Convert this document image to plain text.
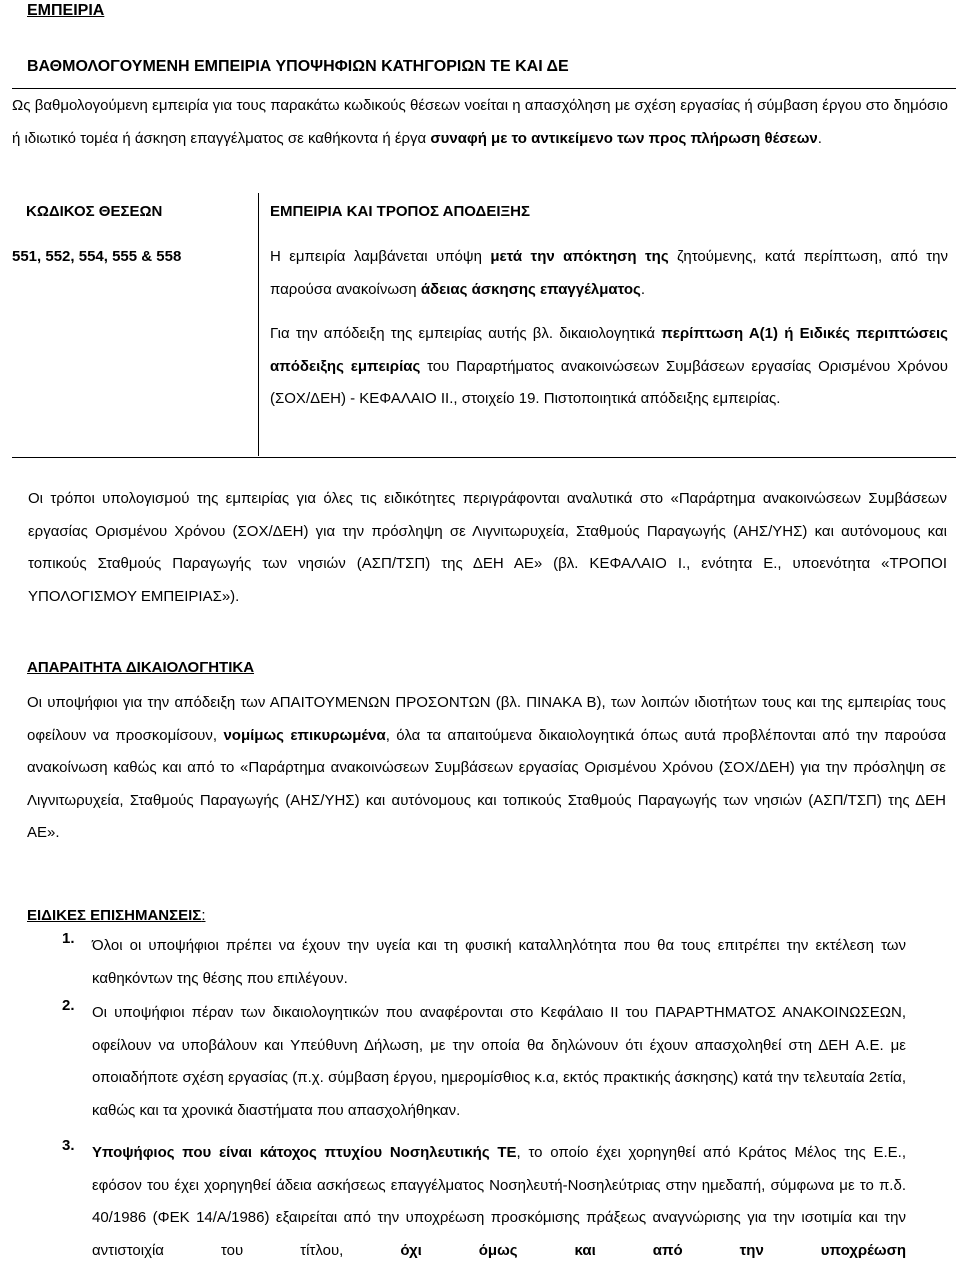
ΕΜΠΕΙΡΙΑ
ΒΑΘΜΟΛΟΓΟΥΜΕΝΗ ΕΜΠΕΙΡΙΑ ΥΠΟΨΗΦΙΩΝ ΚΑΤΗΓΟΡΙΩΝ ΤΕ ΚΑΙ ΔΕ
Ως βαθμολογούμενη εμπειρία για τους παρακάτω κωδικούς θέσεων νοείται η απασχόληση με σχέση εργασίας ή σύμβαση έργου στο δημόσιο ή ιδιωτικό τομέα ή άσκηση επαγγέλματος σε καθήκοντα ή έργα συναφή με το αντικείμενο των προς πλήρωση θέσεων.
ΚΩΔΙΚΟΣ ΘΕΣΕΩΝ	ΕΜΠΕΙΡΙΑ ΚΑΙ ΤΡΟΠΟΣ ΑΠΟΔΕΙΞΗΣ
551, 552, 554, 555 & 558	Η εμπειρία λαμβάνεται υπόψη μετά την απόκτηση της ζητούμενης, κατά περίπτωση, από την παρούσα ανακοίνωση άδειας άσκησης επαγγέλματος.
Για την απόδειξη της εμπειρίας αυτής βλ. δικαιολογητικά περίπτωση Α(1) ή Ειδικές περιπτώσεις απόδειξης εμπειρίας του Παραρτήματος ανακοινώσεων Συμβάσεων εργασίας Ορισμένου Χρόνου (ΣΟΧ/ΔΕΗ) - ΚΕΦΑΛΑΙΟ ΙΙ., στοιχείο 19. Πιστοποιητικά απόδειξης εμπειρίας.
Οι τρόποι υπολογισμού της εμπειρίας για όλες τις ειδικότητες περιγράφονται αναλυτικά στο «Παράρτημα ανακοινώσεων Συμβάσεων εργασίας Ορισμένου Χρόνου (ΣΟΧ/ΔΕΗ) για την πρόσληψη σε Λιγνιτωρυχεία, Σταθμούς Παραγωγής (ΑΗΣ/ΥΗΣ) και αυτόνομους και τοπικούς Σταθμούς Παραγωγής των νησιών (ΑΣΠ/ΤΣΠ) της ΔΕΗ ΑΕ» (βλ. ΚΕΦΑΛΑΙΟ Ι., ενότητα Ε., υποενότητα «ΤΡΟΠΟΙ ΥΠΟΛΟΓΙΣΜΟΥ ΕΜΠΕΙΡΙΑΣ»).
ΑΠΑΡΑΙΤΗΤΑ ΔΙΚΑΙΟΛΟΓΗΤΙΚΑ
Οι υποψήφιοι για την απόδειξη των ΑΠΑΙΤΟΥΜΕΝΩΝ ΠΡΟΣΟΝΤΩΝ (βλ. ΠΙΝΑΚΑ Β), των λοιπών ιδιοτήτων τους και της εμπειρίας τους οφείλουν να προσκομίσουν, νομίμως επικυρωμένα, όλα τα απαιτούμενα δικαιολογητικά όπως αυτά προβλέπονται από την παρούσα ανακοίνωση καθώς και από το «Παράρτημα ανακοινώσεων Συμβάσεων εργασίας Ορισμένου Χρόνου (ΣΟΧ/ΔΕΗ) για την πρόσληψη σε Λιγνιτωρυχεία, Σταθμούς Παραγωγής (ΑΗΣ/ΥΗΣ) και αυτόνομους και τοπικούς Σταθμούς Παραγωγής των νησιών (ΑΣΠ/ΤΣΠ) της ΔΕΗ ΑΕ».
ΕΙΔΙΚΕΣ ΕΠΙΣΗΜΑΝΣΕΙΣ:
1. Όλοι οι υποψήφιοι πρέπει να έχουν την υγεία και τη φυσική καταλληλότητα που θα τους επιτρέπει την εκτέλεση των καθηκόντων της θέσης που επιλέγουν.
2. Οι υποψήφιοι πέραν των δικαιολογητικών που αναφέρονται στο Κεφάλαιο ΙΙ του ΠΑΡΑΡΤΗΜΑΤΟΣ ΑΝΑΚΟΙΝΩΣΕΩΝ, οφείλουν να υποβάλουν και Υπεύθυνη Δήλωση, με την οποία θα δηλώνουν ότι έχουν απασχοληθεί στη ΔΕΗ Α.Ε. με οποιαδήποτε σχέση εργασίας (π.χ. σύμβαση έργου, ημερομίσθιος κ.α, εκτός πρακτικής άσκησης) κατά την τελευταία 2ετία, καθώς και τα χρονικά διαστήματα που απασχολήθηκαν.
3. Υποψήφιος που είναι κάτοχος πτυχίου Νοσηλευτικής ΤΕ, το οποίο έχει χορηγηθεί από Κράτος Μέλος της Ε.Ε., εφόσον του έχει χορηγηθεί άδεια ασκήσεως επαγγέλματος Νοσηλευτή-Νοσηλεύτριας στην ημεδαπή, σύμφωνα με το π.δ. 40/1986 (ΦΕΚ 14/Α/1986) εξαιρείται από την υποχρέωση προσκόμισης πράξεως αναγνώρισης για την ισοτιμία και την αντιστοιχία του τίτλου, όχι όμως και από την υποχρέωση
